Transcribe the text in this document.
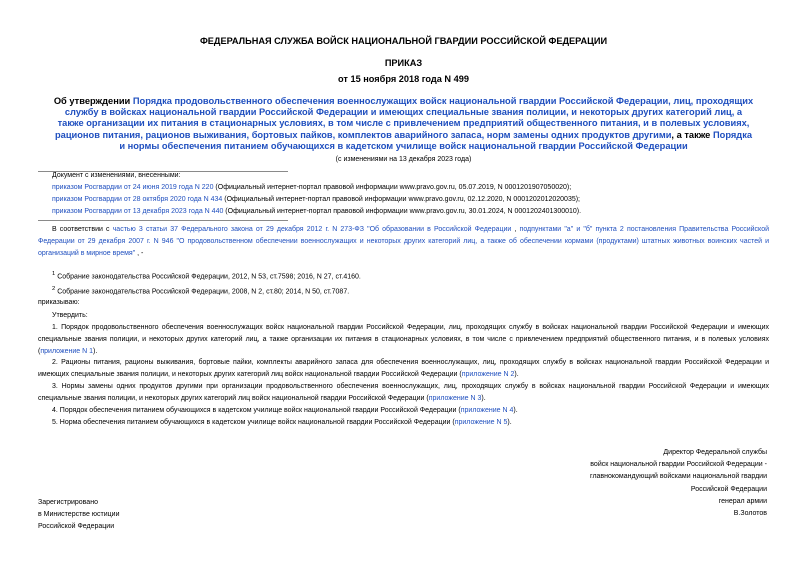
ФЕДЕРАЛЬНАЯ СЛУЖБА ВОЙСК НАЦИОНАЛЬНОЙ ГВАРДИИ РОССИЙСКОЙ ФЕДЕРАЦИИ
ПРИКАЗ
от 15 ноября 2018 года N 499
Об утверждении Порядка продовольственного обеспечения военнослужащих войск национальной гвардии Российской Федерации, лиц, проходящих службу в войсках национальной гвардии Российской Федерации и имеющих специальные звания полиции, и некоторых других категорий лиц, а также организации их питания в стационарных условиях, в том числе с привлечением предприятий общественного питания, и в полевых условиях, рационов питания, рационов выживания, бортовых пайков, комплектов аварийного запаса, норм замены одних продуктов другими, а также Порядка и нормы обеспечения питанием обучающихся в кадетском училище войск национальной гвардии Российской Федерации
(с изменениями на 13 декабря 2023 года)
Документ с изменениями, внесенными:
приказом Росгвардии от 24 июня 2019 года N 220 (Официальный интернет-портал правовой информации www.pravo.gov.ru, 05.07.2019, N 0001201907050020);
приказом Росгвардии от 28 октября 2020 года N 434 (Официальный интернет-портал правовой информации www.pravo.gov.ru, 02.12.2020, N 0001202012020035);
приказом Росгвардии от 13 декабря 2023 года N 440 (Официальный интернет-портал правовой информации www.pravo.gov.ru, 30.01.2024, N 0001202401300010).
В соответствии с частью 3 статьи 37 Федерального закона от 29 декабря 2012 г. N 273-ФЗ "Об образовании в Российской Федерации , подпунктами "а" и "б" пункта 2 постановления Правительства Российской Федерации от 29 декабря 2007 г. N 946 "О продовольственном обеспечении военнослужащих и некоторых других категорий лиц, а также об обеспечении кормами (продуктами) штатных животных воинских частей и организаций в мирное время" , -
$^1$ Собрание законодательства Российской Федерации, 2012, N 53, ст.7598; 2016, N 27, ст.4160.
$^2$ Собрание законодательства Российской Федерации, 2008, N 2, ст.80; 2014, N 50, ст.7087.
приказываю:
Утвердить:
1. Порядок продовольственного обеспечения военнослужащих войск национальной гвардии Российской Федерации, лиц, проходящих службу в войсках национальной гвардии Российской Федерации и имеющих специальные звания полиции, и некоторых других категорий лиц, а также организации их питания в стационарных условиях, в том числе с привлечением предприятий общественного питания, и в полевых условиях (приложение N 1).
2. Рационы питания, рационы выживания, бортовые пайки, комплекты аварийного запаса для обеспечения военнослужащих, лиц, проходящих службу в войсках национальной гвардии Российской Федерации и имеющих специальные звания полиции, и некоторых других категорий лиц войск национальной гвардии Российской Федерации (приложение N 2).
3. Нормы замены одних продуктов другими при организации продовольственного обеспечения военнослужащих, лиц, проходящих службу в войсках национальной гвардии Российской Федерации и имеющих специальные звания полиции, и некоторых других категорий лиц войск национальной гвардии Российской Федерации (приложение N 3).
4. Порядок обеспечения питанием обучающихся в кадетском училище войск национальной гвардии Российской Федерации (приложение N 4).
5. Норма обеспечения питанием обучающихся в кадетском училище войск национальной гвардии Российской Федерации (приложение N 5).
Директор Федеральной службы
войск национальной гвардии Российской Федерации -
главнокомандующий войсками национальной гвардии
Российской Федерации
генерал армии
В.Золотов
Зарегистрировано
в Министерстве юстиции
Российской Федерации
